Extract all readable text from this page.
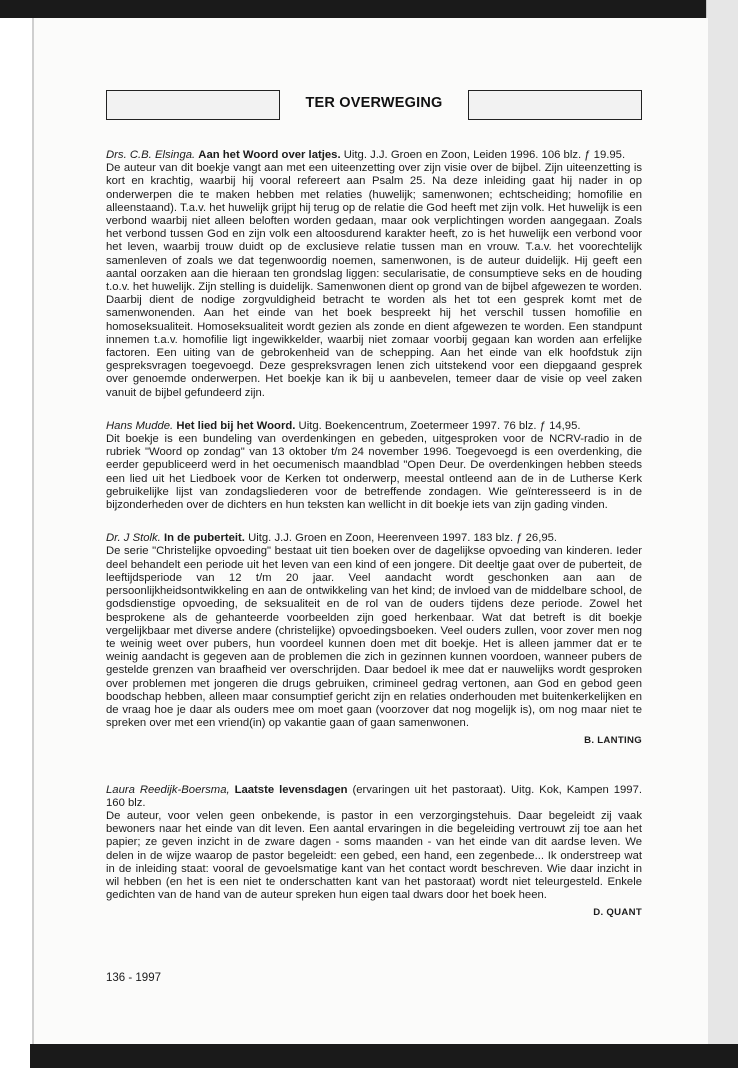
TER OVERWEGING

Drs. C.B. Elsinga. Aan het Woord over latjes. Uitg. J.J. Groen en Zoon, Leiden 1996. 106 blz. ƒ 19.95.

De auteur van dit boekje vangt aan met een uiteenzetting over zijn visie over de bijbel. Zijn uiteenzetting is kort en krachtig, waarbij hij vooral refereert aan Psalm 25. Na deze inleiding gaat hij nader in op onderwerpen die te maken hebben met relaties (huwelijk; samenwonen; echtscheiding; homofilie en alleenstaand). T.a.v. het huwelijk grijpt hij terug op de relatie die God heeft met zijn volk. Het huwelijk is een verbond waarbij niet alleen beloften worden gedaan, maar ook verplichtingen worden aangegaan. Zoals het verbond tussen God en zijn volk een altoosdurend karakter heeft, zo is het huwelijk een verbond voor het leven, waarbij trouw duidt op de exclusieve relatie tussen man en vrouw. T.a.v. het voorechtelijk samenleven of zoals we dat tegenwoordig noemen, samenwonen, is de auteur duidelijk. Hij geeft een aantal oorzaken aan die hieraan ten grondslag liggen: secularisatie, de consumptieve seks en de houding t.o.v. het huwelijk. Zijn stelling is duidelijk. Samenwonen dient op grond van de bijbel afgewezen te worden. Daarbij dient de nodige zorgvuldigheid betracht te worden als het tot een gesprek komt met de samenwonenden. Aan het einde van het boek bespreekt hij het verschil tussen homofilie en homoseksualiteit. Homoseksualiteit wordt gezien als zonde en dient afgewezen te worden. Een standpunt innemen t.a.v. homofilie ligt ingewikkelder, waarbij niet zomaar voorbij gegaan kan worden aan erfelijke factoren. Een uiting van de gebrokenheid van de schepping. Aan het einde van elk hoofdstuk zijn gespreksvragen toegevoegd. Deze gespreksvragen lenen zich uitstekend voor een diepgaand gesprek over genoemde onderwerpen. Het boekje kan ik bij u aanbevelen, temeer daar de visie op veel zaken vanuit de bijbel gefundeerd zijn.

Hans Mudde. Het lied bij het Woord. Uitg. Boekencentrum, Zoetermeer 1997. 76 blz. ƒ 14,95.

Dit boekje is een bundeling van overdenkingen en gebeden, uitgesproken voor de NCRV-radio in de rubriek "Woord op zondag" van 13 oktober t/m 24 november 1996. Toegevoegd is een overdenking, die eerder gepubliceerd werd in het oecumenisch maandblad "Open Deur. De overdenkingen hebben steeds een lied uit het Liedboek voor de Kerken tot onderwerp, meestal ontleend aan de in de Lutherse Kerk gebruikelijke lijst van zondagsliederen voor de betreffende zondagen. Wie geïnteresseerd is in de bijzonderheden over de dichters en hun teksten kan wellicht in dit boekje iets van zijn gading vinden.

Dr. J Stolk. In de puberteit. Uitg. J.J. Groen en Zoon, Heerenveen 1997. 183 blz. ƒ 26,95.

De serie "Christelijke opvoeding" bestaat uit tien boeken over de dagelijkse opvoeding van kinderen. Ieder deel behandelt een periode uit het leven van een kind of een jongere. Dit deeltje gaat over de puberteit, de leeftijdsperiode van 12 t/m 20 jaar. Veel aandacht wordt geschonken aan aan de persoonlijkheidsontwikkeling en aan de ontwikkeling van het kind; de invloed van de middelbare school, de godsdienstige opvoeding, de seksualiteit en de rol van de ouders tijdens deze periode. Zowel het besprokene als de gehanteerde voorbeelden zijn goed herkenbaar. Wat dat betreft is dit boekje vergelijkbaar met diverse andere (christelijke) opvoedingsboeken. Veel ouders zullen, voor zover men nog te weinig weet over pubers, hun voordeel kunnen doen met dit boekje. Het is alleen jammer dat er te weinig aandacht is gegeven aan de problemen die zich in gezinnen kunnen voordoen, wanneer pubers de gestelde grenzen van braafheid ver overschrijden. Daar bedoel ik mee dat er nauwelijks wordt gesproken over problemen met jongeren die drugs gebruiken, crimineel gedrag vertonen, aan God en gebod geen boodschap hebben, alleen maar consumptief gericht zijn en relaties onderhouden met buitenkerkelijken en de vraag hoe je daar als ouders mee om moet gaan (voorzover dat nog mogelijk is), om nog maar niet te spreken over met een vriend(in) op vakantie gaan of gaan samenwonen.

B. LANTING

Laura Reedijk-Boersma, Laatste levensdagen (ervaringen uit het pastoraat). Uitg. Kok, Kampen 1997. 160 blz.

De auteur, voor velen geen onbekende, is pastor in een verzorgingstehuis. Daar begeleidt zij vaak bewoners naar het einde van dit leven. Een aantal ervaringen in die begeleiding vertrouwt zij toe aan het papier; ze geven inzicht in de zware dagen - soms maanden - van het einde van dit aardse leven. We delen in de wijze waarop de pastor begeleidt: een gebed, een hand, een zegenbede... Ik onderstreep wat in de inleiding staat: vooral de gevoelsmatige kant van het contact wordt beschreven. Wie daar inzicht in wil hebben (en het is een niet te onderschatten kant van het pastoraat) wordt niet teleurgesteld. Enkele gedichten van de hand van de auteur spreken hun eigen taal dwars door het boek heen.

D. QUANT
136 - 1997
